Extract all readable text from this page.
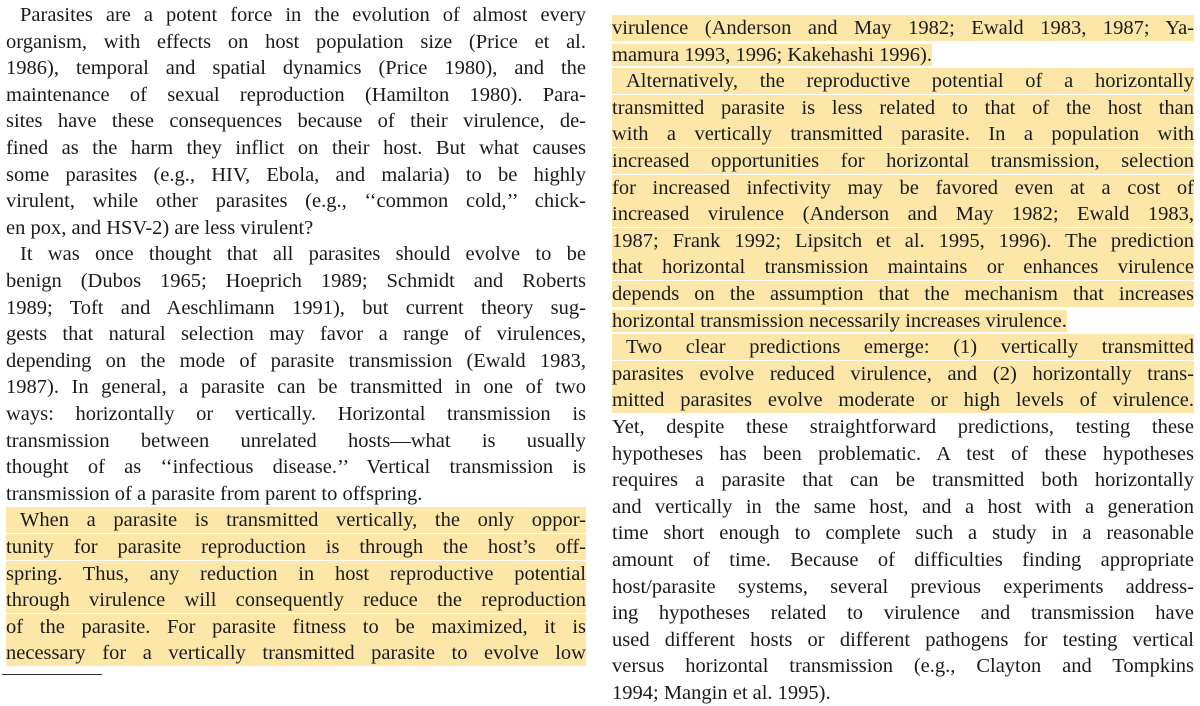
Parasites are a potent force in the evolution of almost every
organism, with effects on host population size (Price et al.
1986), temporal and spatial dynamics (Price 1980), and the
maintenance of sexual reproduction (Hamilton 1980). Para-
sites have these consequences because of their virulence, de-
fined as the harm they inflict on their host. But what causes
some parasites (e.g., HIV, Ebola, and malaria) to be highly
virulent, while other parasites (e.g., ‘‘common cold,’’ chick-
en pox, and HSV-2) are less virulent?
It was once thought that all parasites should evolve to be
benign (Dubos 1965; Hoeprich 1989; Schmidt and Roberts
1989; Toft and Aeschlimann 1991), but current theory sug-
gests that natural selection may favor a range of virulences,
depending on the mode of parasite transmission (Ewald 1983,
1987). In general, a parasite can be transmitted in one of two
ways: horizontally or vertically. Horizontal transmission is
transmission between unrelated hosts—what is usually
thought of as ‘‘infectious disease.’’ Vertical transmission is
transmission of a parasite from parent to offspring.
When a parasite is transmitted vertically, the only oppor-
tunity for parasite reproduction is through the host’s off-
spring. Thus, any reduction in host reproductive potential
through virulence will consequently reduce the reproduction
of the parasite. For parasite fitness to be maximized, it is
necessary for a vertically transmitted parasite to evolve low
virulence (Anderson and May 1982; Ewald 1983, 1987; Ya-
mamura 1993, 1996; Kakehashi 1996).
Alternatively, the reproductive potential of a horizontally
transmitted parasite is less related to that of the host than
with a vertically transmitted parasite. In a population with
increased opportunities for horizontal transmission, selection
for increased infectivity may be favored even at a cost of
increased virulence (Anderson and May 1982; Ewald 1983,
1987; Frank 1992; Lipsitch et al. 1995, 1996). The prediction
that horizontal transmission maintains or enhances virulence
depends on the assumption that the mechanism that increases
horizontal transmission necessarily increases virulence.
Two clear predictions emerge: (1) vertically transmitted
parasites evolve reduced virulence, and (2) horizontally trans-
mitted parasites evolve moderate or high levels of virulence.
Yet, despite these straightforward predictions, testing these
hypotheses has been problematic. A test of these hypotheses
requires a parasite that can be transmitted both horizontally
and vertically in the same host, and a host with a generation
time short enough to complete such a study in a reasonable
amount of time. Because of difficulties finding appropriate
host/parasite systems, several previous experiments address-
ing hypotheses related to virulence and transmission have
used different hosts or different pathogens for testing vertical
versus horizontal transmission (e.g., Clayton and Tompkins
1994; Mangin et al. 1995).
